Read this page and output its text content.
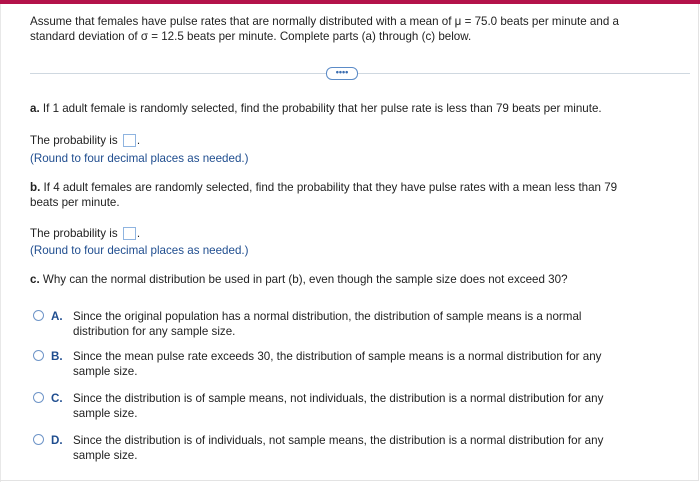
Assume that females have pulse rates that are normally distributed with a mean of μ = 75.0 beats per minute and a
standard deviation of σ = 12.5 beats per minute. Complete parts (a) through (c) below.
••••
a. If 1 adult female is randomly selected, find the probability that her pulse rate is less than 79 beats per minute.
The probability is .
(Round to four decimal places as needed.)
b. If 4 adult females are randomly selected, find the probability that they have pulse rates with a mean less than 79
beats per minute.
The probability is .
(Round to four decimal places as needed.)
c. Why can the normal distribution be used in part (b), even though the sample size does not exceed 30?
A. Since the original population has a normal distribution, the distribution of sample means is a normal
distribution for any sample size.
B. Since the mean pulse rate exceeds 30, the distribution of sample means is a normal distribution for any
sample size.
C. Since the distribution is of sample means, not individuals, the distribution is a normal distribution for any
sample size.
D. Since the distribution is of individuals, not sample means, the distribution is a normal distribution for any
sample size.
